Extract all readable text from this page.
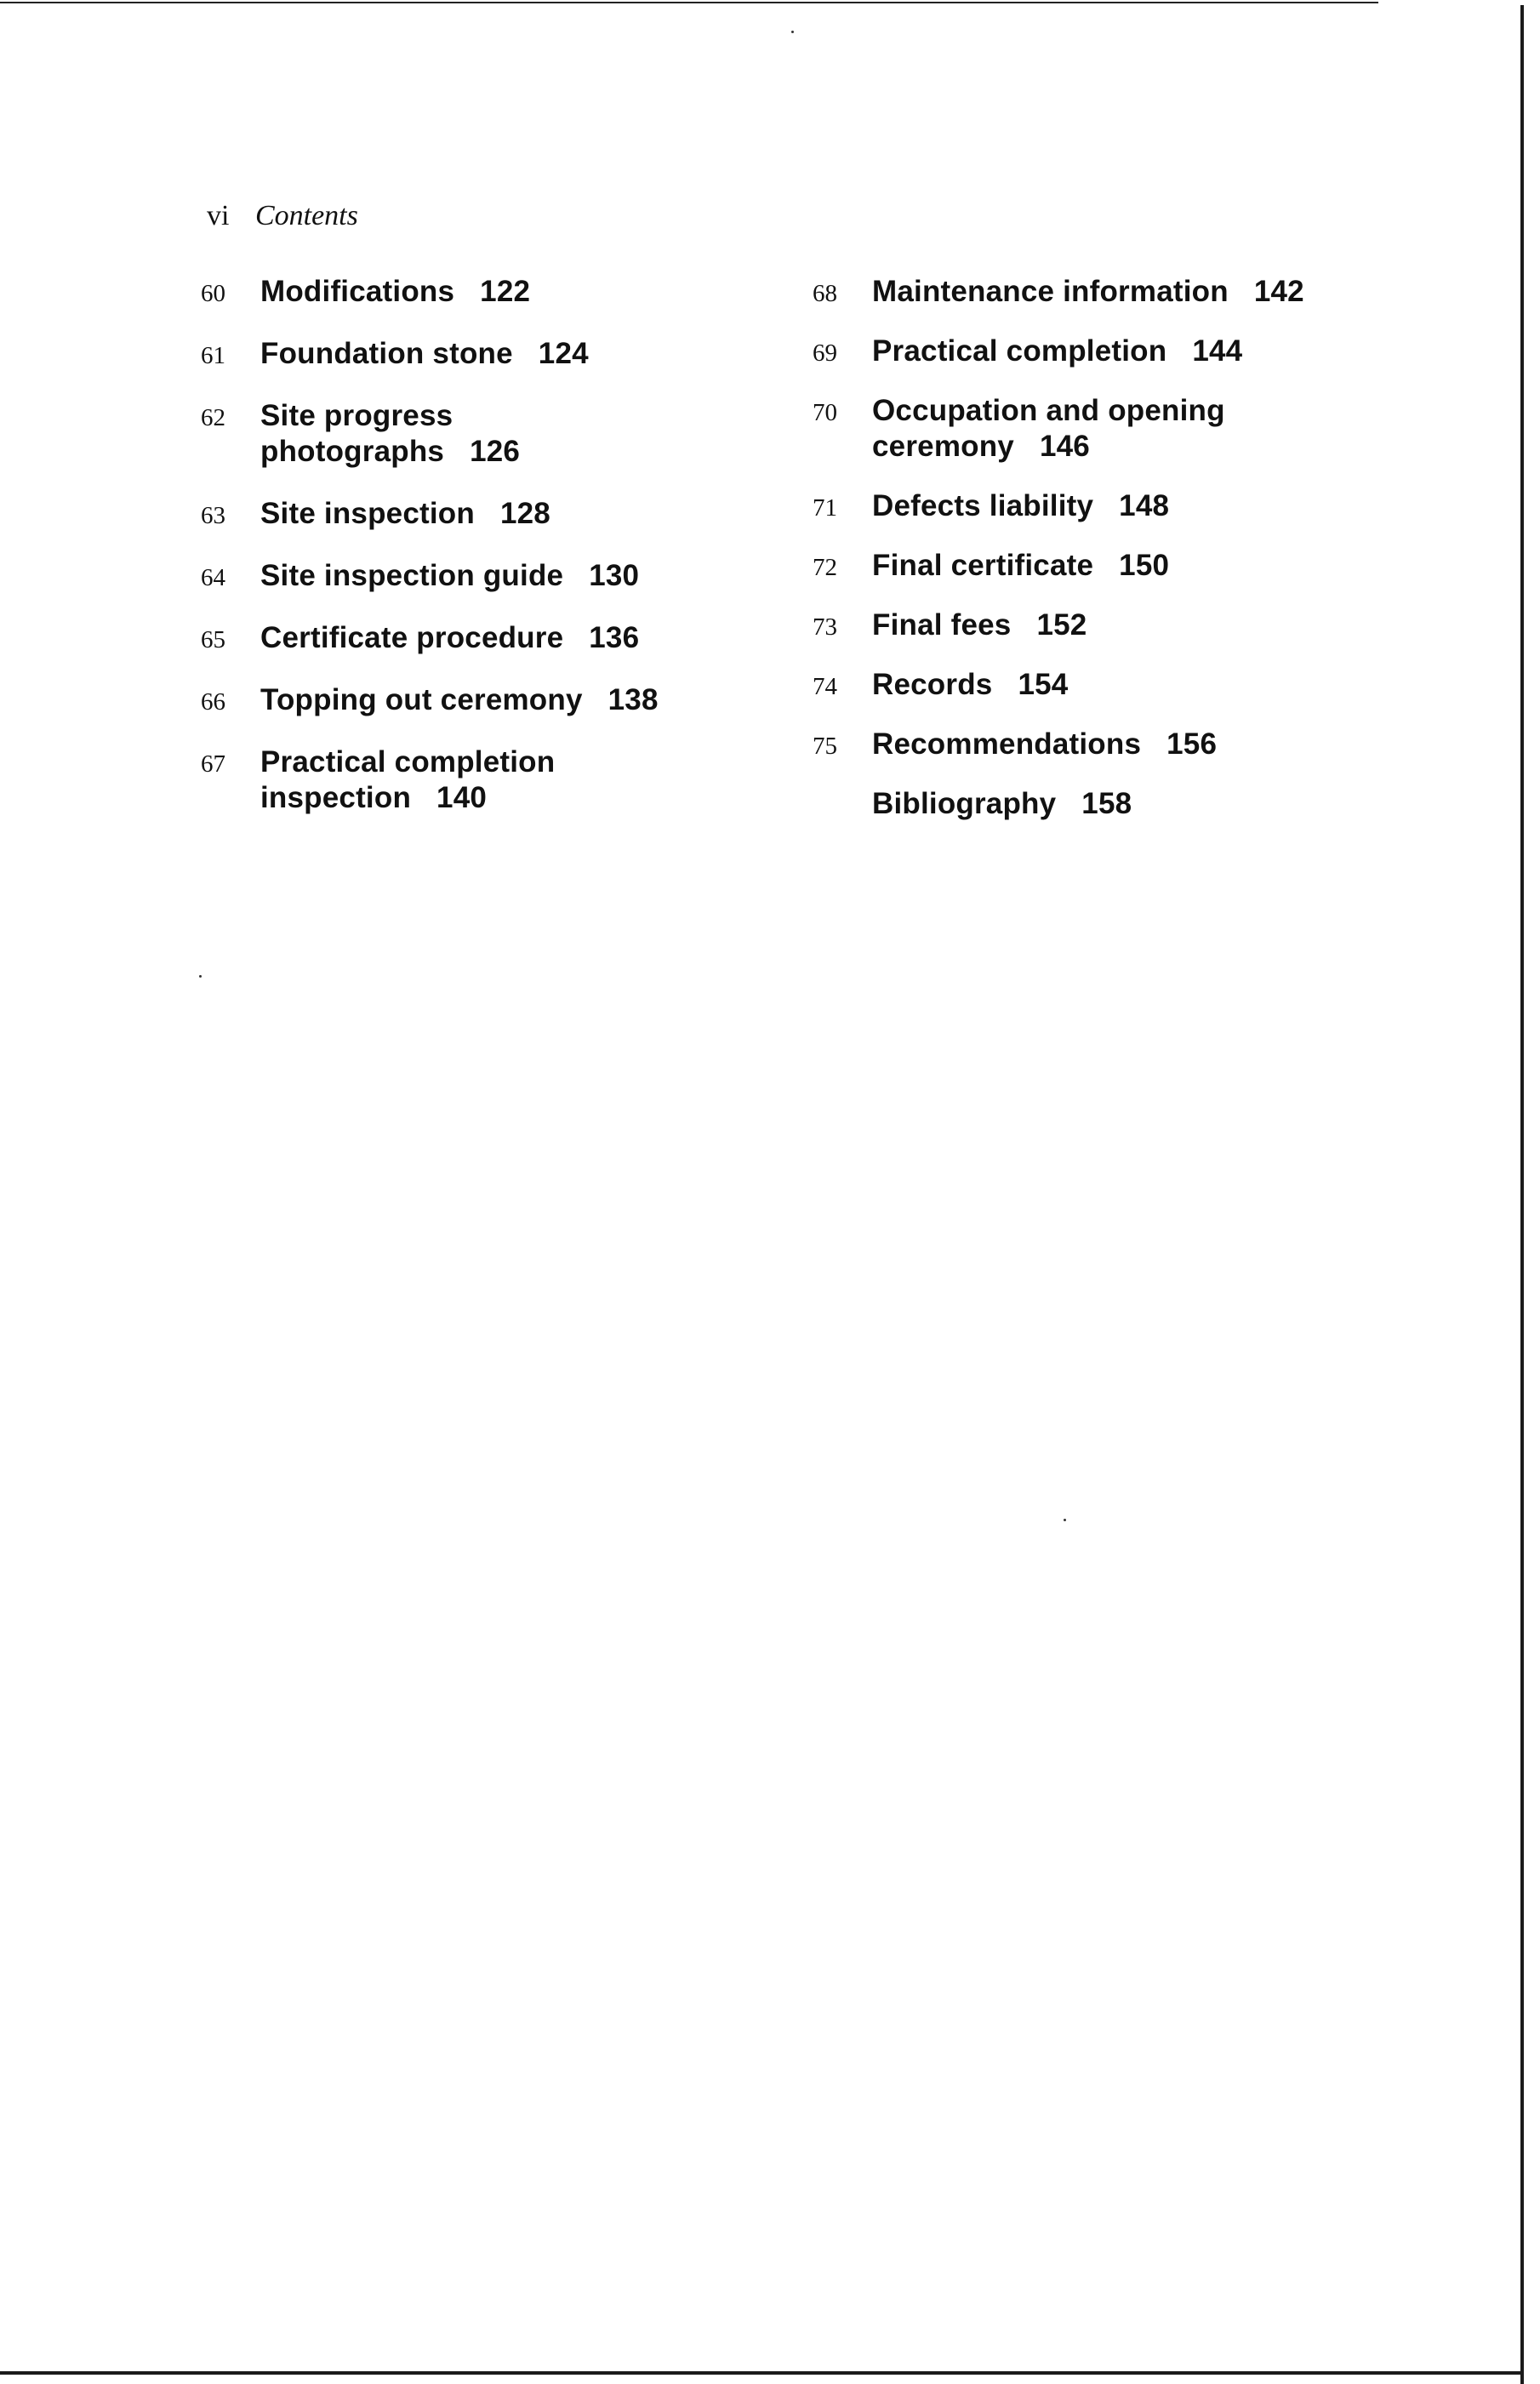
vi Contents
60 Modifications 122
61 Foundation stone 124
62 Site progress
photographs 126
63 Site inspection 128
64 Site inspection guide 130
65 Certificate procedure 136
66 Topping out ceremony 138
67 Practical completion
inspection 140
68 Maintenance information 142
69 Practical completion 144
70 Occupation and opening
ceremony 146
71 Defects liability 148
72 Final certificate 150
73 Final fees 152
74 Records 154
75 Recommendations 156
Bibliography 158
